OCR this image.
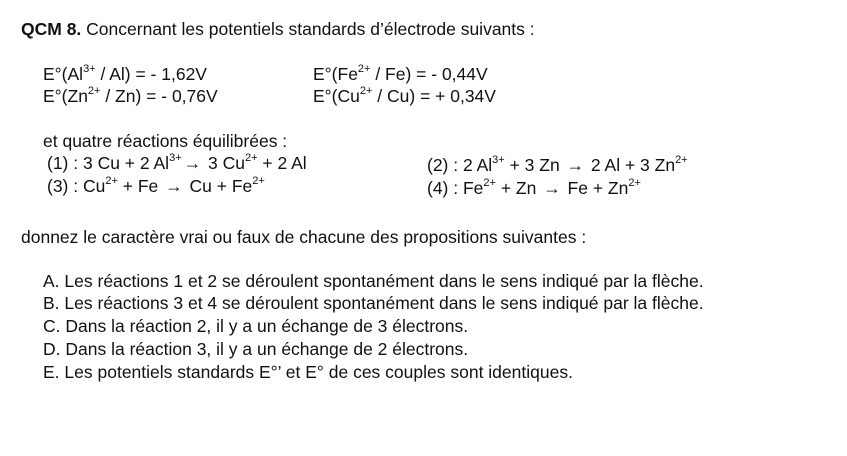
QCM 8. Concernant les potentiels standards d’électrode suivants :
$E^\circ(Al^{3+} / Al)$ = - 1,62V	$E^\circ(Fe^{2+} / Fe)$ = - 0,44V
$E^\circ(Zn^{2+} / Zn)$ = - 0,76V	$E^\circ(Cu^{2+} / Cu)$ = + 0,34V
et quatre réactions équilibrées :
(1) : 3 Cu + 2 $Al^{3+} \to 3$ $Cu^{2+} + 2$ Al	(2) : 2 $Al^{3+} + 3$ Zn → 2 Al + 3 $Zn^{2+}$
(3) : $Cu^{2+} + Fe \to Cu + Fe^{2+}$	(4) : $Fe^{2+} + Zn \to Fe + Zn^{2+}$
donnez le caractère vrai ou faux de chacune des propositions suivantes :
A. Les réactions 1 et 2 se déroulent spontanément dans le sens indiqué par la flèche.
B. Les réactions 3 et 4 se déroulent spontanément dans le sens indiqué par la flèche.
C. Dans la réaction 2, il y a un échange de 3 électrons.
D. Dans la réaction 3, il y a un échange de 2 électrons.
E. Les potentiels standards E°’ et E° de ces couples sont identiques.
